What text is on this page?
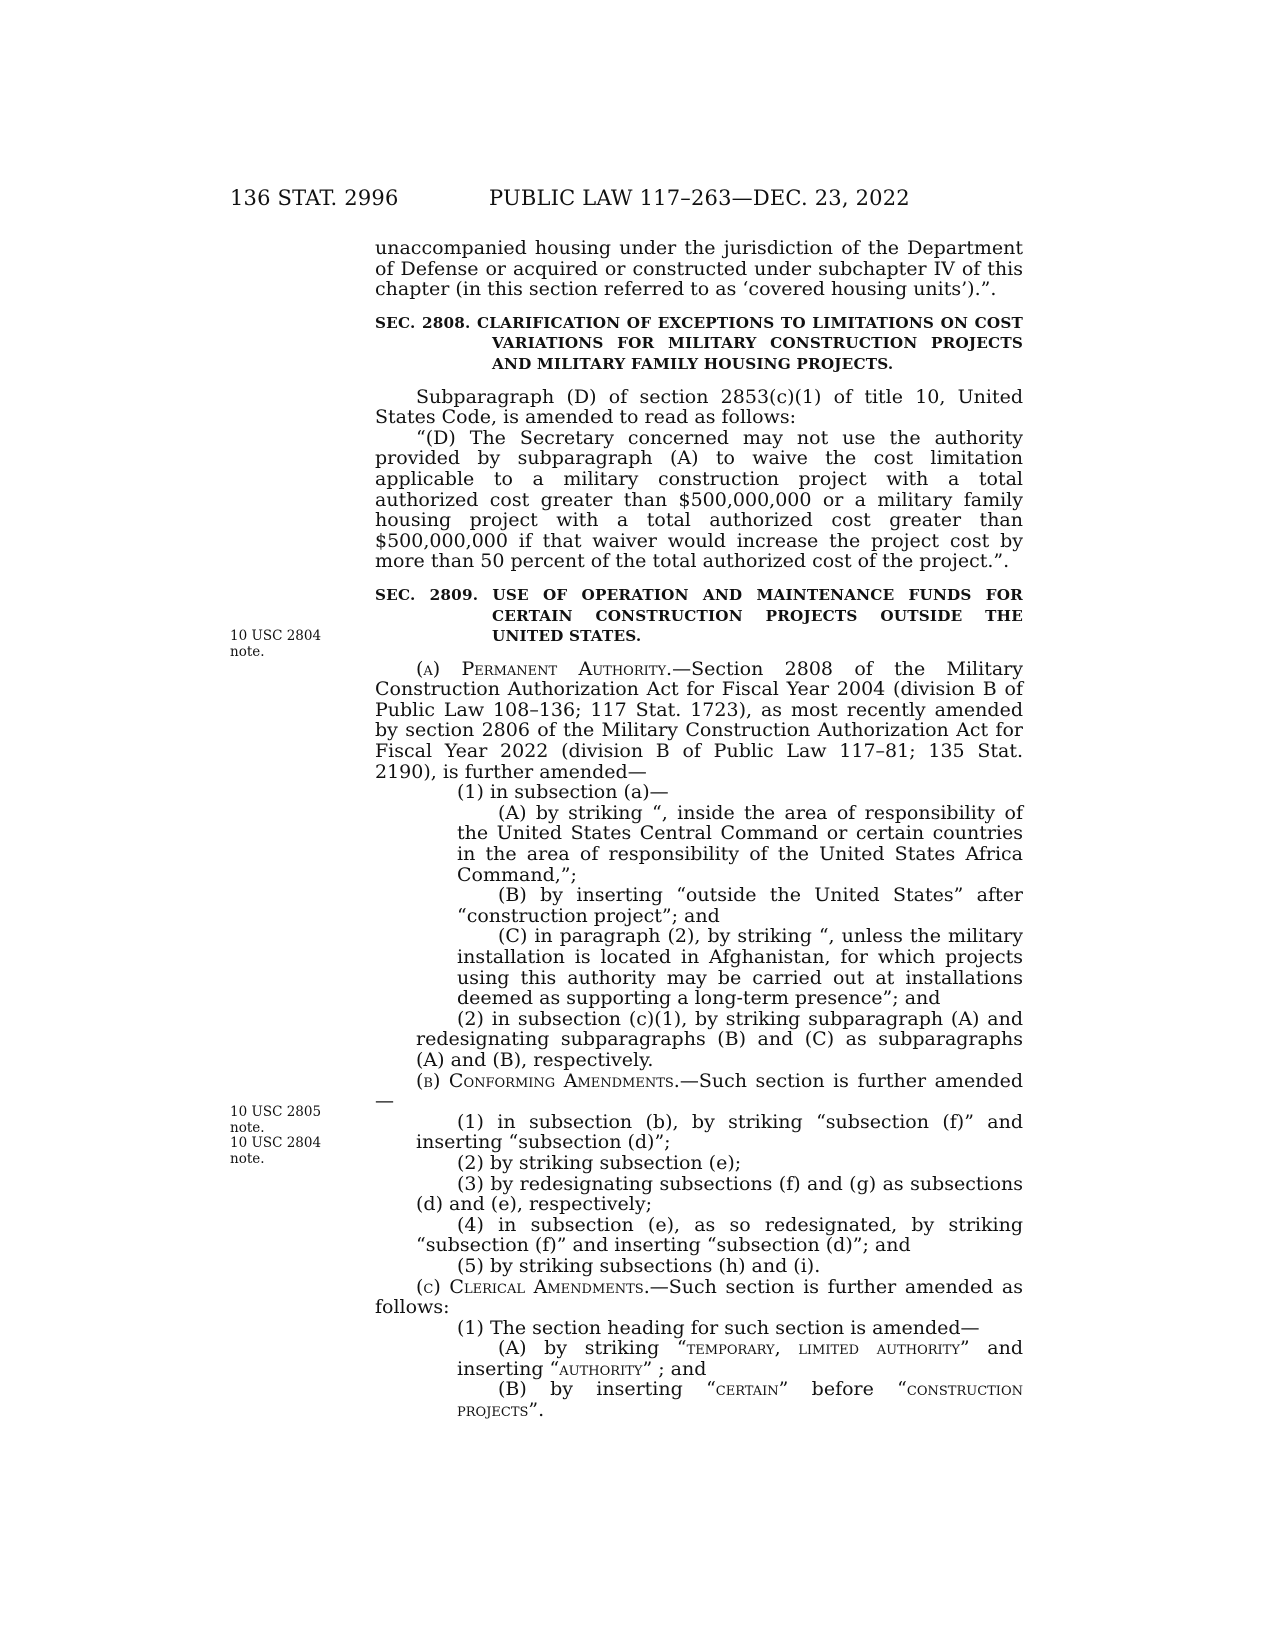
136 STAT. 2996	PUBLIC LAW 117–263—DEC. 23, 2022
10 USC 2804
note.
10 USC 2805
note.
10 USC 2804
note.

unaccompanied housing under the jurisdiction of the Department of Defense or acquired or constructed under subchapter IV of this chapter (in this section referred to as ‘covered housing units’).”.

SEC. 2808. CLARIFICATION OF EXCEPTIONS TO LIMITATIONS ON COST VARIATIONS FOR MILITARY CONSTRUCTION PROJECTS AND MILITARY FAMILY HOUSING PROJECTS.

Subparagraph (D) of section 2853(c)(1) of title 10, United States Code, is amended to read as follows:

“(D) The Secretary concerned may not use the authority provided by subparagraph (A) to waive the cost limitation applicable to a military construction project with a total authorized cost greater than $500,000,000 or a military family housing project with a total authorized cost greater than $500,000,000 if that waiver would increase the project cost by more than 50 percent of the total authorized cost of the project.”.

SEC. 2809. USE OF OPERATION AND MAINTENANCE FUNDS FOR CERTAIN CONSTRUCTION PROJECTS OUTSIDE THE UNITED STATES.

(a) Permanent Authority.—Section 2808 of the Military Construction Authorization Act for Fiscal Year 2004 (division B of Public Law 108–136; 117 Stat. 1723), as most recently amended by section 2806 of the Military Construction Authorization Act for Fiscal Year 2022 (division B of Public Law 117–81; 135 Stat. 2190), is further amended—

(1) in subsection (a)—

(A) by striking “, inside the area of responsibility of the United States Central Command or certain countries in the area of responsibility of the United States Africa Command,”;

(B) by inserting “outside the United States” after “construction project”; and

(C) in paragraph (2), by striking “, unless the military installation is located in Afghanistan, for which projects using this authority may be carried out at installations deemed as supporting a long-term presence”; and

(2) in subsection (c)(1), by striking subparagraph (A) and redesignating subparagraphs (B) and (C) as subparagraphs (A) and (B), respectively.

(b) Conforming Amendments.—Such section is further amended—

(1) in subsection (b), by striking “subsection (f)” and inserting “subsection (d)”;

(2) by striking subsection (e);

(3) by redesignating subsections (f) and (g) as subsections (d) and (e), respectively;

(4) in subsection (e), as so redesignated, by striking “subsection (f)” and inserting “subsection (d)”; and

(5) by striking subsections (h) and (i).

(c) Clerical Amendments.—Such section is further amended as follows:

(1) The section heading for such section is amended—

(A) by striking “temporary, limited authority” and inserting “authority” ; and

(B) by inserting “certain” before “construction projects”.
